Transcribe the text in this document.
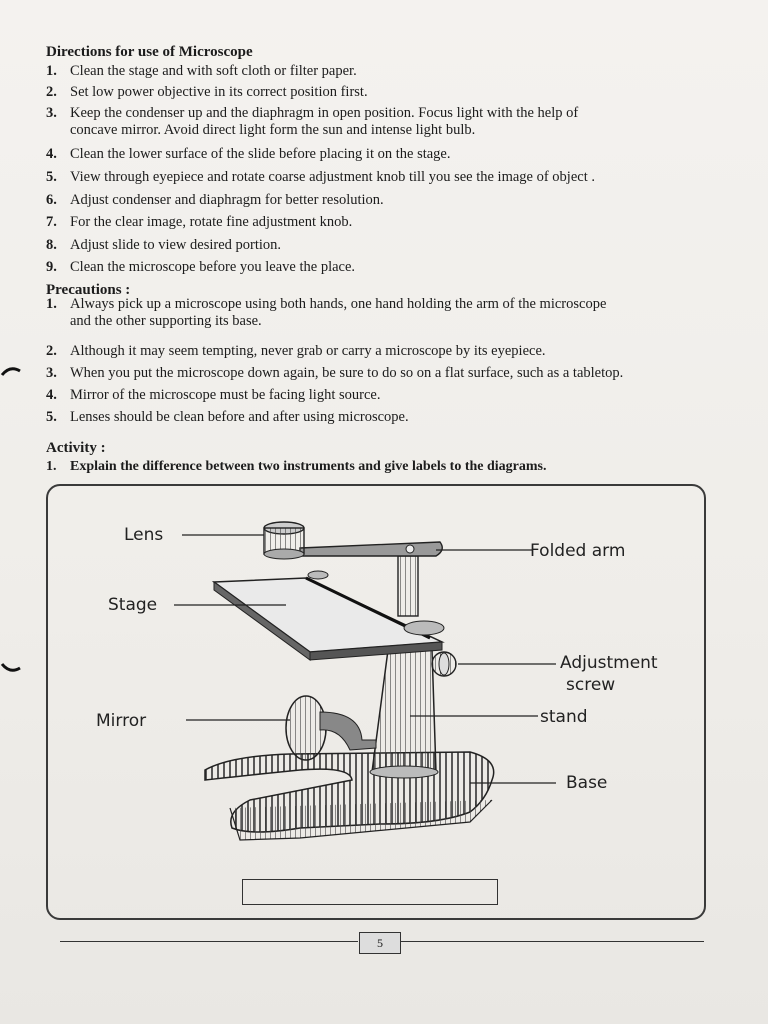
Directions for use of Microscope
1. Clean the stage and with soft cloth or filter paper.
2. Set low power objective in its correct position first.
3. Keep the condenser up and the diaphragm in open position. Focus light with the help of
concave mirror. Avoid direct light form the sun and intense light bulb.
4. Clean the lower surface of the slide before placing it on the stage.
5. View through eyepiece and rotate coarse adjustment knob till you see the image of object .
6. Adjust condenser and diaphragm for better resolution.
7. For the clear image, rotate fine adjustment knob.
8. Adjust slide to view desired portion.
9. Clean the microscope before you leave the place.
Precautions :
1. Always pick up a microscope using both hands, one hand holding the arm of the microscope
and the other supporting its base.
2. Although it may seem tempting, never grab or carry a microscope by its eyepiece.
3. When you put the microscope down again, be sure to do so on a flat surface, such as a tabletop.
4. Mirror of the microscope must be facing light source.
5. Lenses should be clean before and after using microscope.
Activity :
1. Explain the difference between two instruments and give labels to the diagrams.
Lens
Folded arm
Stage
Adjustment
screw
Mirror	stand
Base
5
